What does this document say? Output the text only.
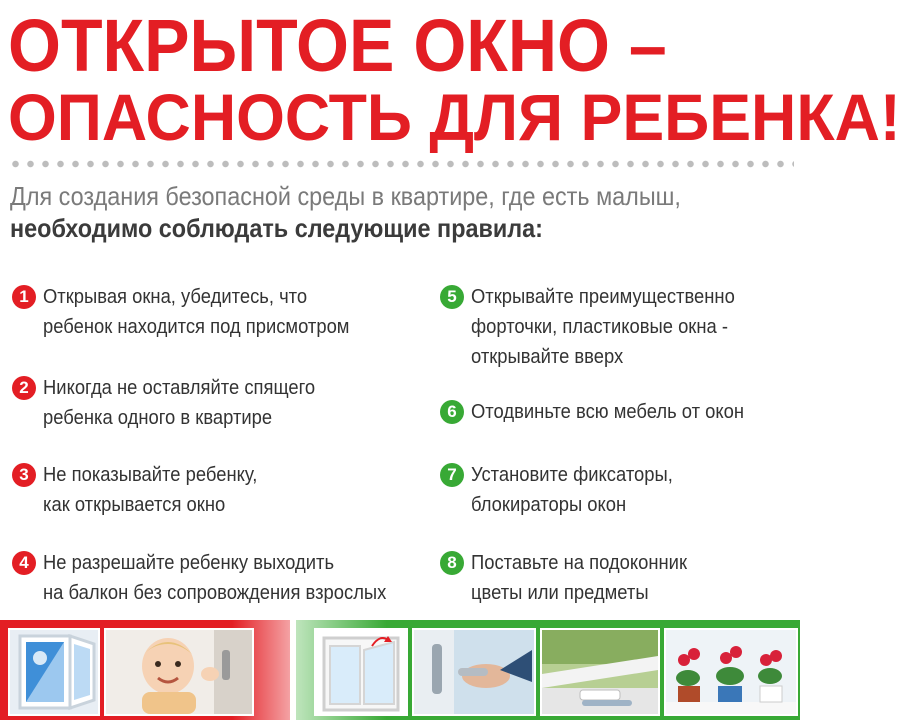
ОТКРЫТОЕ ОКНО –
ОПАСНОСТЬ ДЛЯ РЕБЕНКА!
Для создания безопасной среды в квартире, где есть малыш,
необходимо соблюдать следующие правила:
1 Открывая окна, убедитесь, что
ребенок находится под присмотром
2 Никогда не оставляйте спящего
ребенка одного в квартире
3 Не показывайте ребенку,
как открывается окно
4 Не разрешайте ребенку выходить
на балкон без сопровождения взрослых
5 Открывайте преимущественно
форточки, пластиковые окна -
открывайте вверх
6 Отодвиньте всю мебель от окон
7 Установите фиксаторы,
блокираторы окон
8 Поставьте на подоконник
цветы или предметы
